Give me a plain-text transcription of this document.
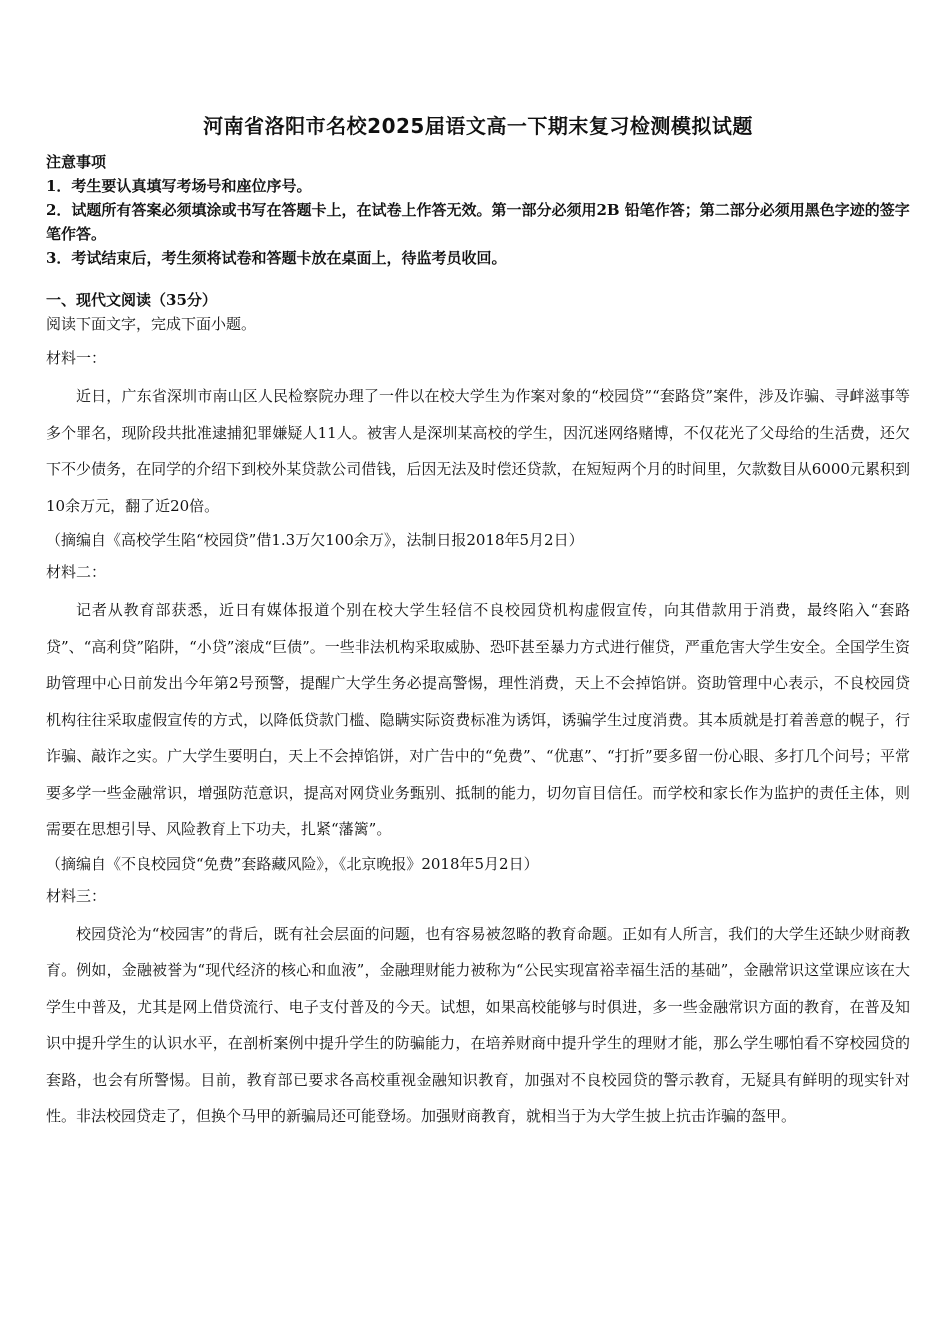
河南省洛阳市名校2025届语文高一下期末复习检测模拟试题
注意事项
1．考生要认真填写考场号和座位序号。
2．试题所有答案必须填涂或书写在答题卡上，在试卷上作答无效。第一部分必须用2B 铅笔作答；第二部分必须用黑色字迹的签字笔作答。
3．考试结束后，考生须将试卷和答题卡放在桌面上，待监考员收回。
一、现代文阅读（35分）
阅读下面文字，完成下面小题。
材料一：

近日，广东省深圳市南山区人民检察院办理了一件以在校大学生为作案对象的“校园贷”“套路贷”案件，涉及诈骗、寻衅滋事等多个罪名，现阶段共批准逮捕犯罪嫌疑人11人。被害人是深圳某高校的学生，因沉迷网络赌博，不仅花光了父母给的生活费，还欠下不少债务，在同学的介绍下到校外某贷款公司借钱，后因无法及时偿还贷款，在短短两个月的时间里，欠款数目从6000元累积到10余万元，翻了近20倍。

（摘编自《高校学生陷“校园贷”借1.3万欠100余万》，法制日报2018年5月2日）
材料二：

记者从教育部获悉，近日有媒体报道个别在校大学生轻信不良校园贷机构虚假宣传，向其借款用于消费，最终陷入“套路贷”、“高利贷”陷阱，“小贷”滚成“巨债”。一些非法机构采取威胁、恐吓甚至暴力方式进行催贷，严重危害大学生安全。全国学生资助管理中心日前发出今年第2号预警，提醒广大学生务必提高警惕，理性消费，天上不会掉馅饼。资助管理中心表示，不良校园贷机构往往采取虚假宣传的方式，以降低贷款门槛、隐瞒实际资费标准为诱饵，诱骗学生过度消费。其本质就是打着善意的幌子，行诈骗、敲诈之实。广大学生要明白，天上不会掉馅饼，对广告中的“免费”、“优惠”、“打折”要多留一份心眼、多打几个问号；平常要多学一些金融常识，增强防范意识，提高对网贷业务甄别、抵制的能力，切勿盲目信任。而学校和家长作为监护的责任主体，则需要在思想引导、风险教育上下功夫，扎紧“藩篱”。

（摘编自《不良校园贷“免费”套路藏风险》，《北京晚报》2018年5月2日）
材料三：

校园贷沦为“校园害”的背后，既有社会层面的问题，也有容易被忽略的教育命题。正如有人所言，我们的大学生还缺少财商教育。例如，金融被誉为“现代经济的核心和血液”，金融理财能力被称为“公民实现富裕幸福生活的基础”，金融常识这堂课应该在大学生中普及，尤其是网上借贷流行、电子支付普及的今天。试想，如果高校能够与时俱进，多一些金融常识方面的教育，在普及知识中提升学生的认识水平，在剖析案例中提升学生的防骗能力，在培养财商中提升学生的理财才能，那么学生哪怕看不穿校园贷的套路，也会有所警惕。目前，教育部已要求各高校重视金融知识教育，加强对不良校园贷的警示教育，无疑具有鲜明的现实针对性。非法校园贷走了，但换个马甲的新骗局还可能登场。加强财商教育，就相当于为大学生披上抗击诈骗的盔甲。
